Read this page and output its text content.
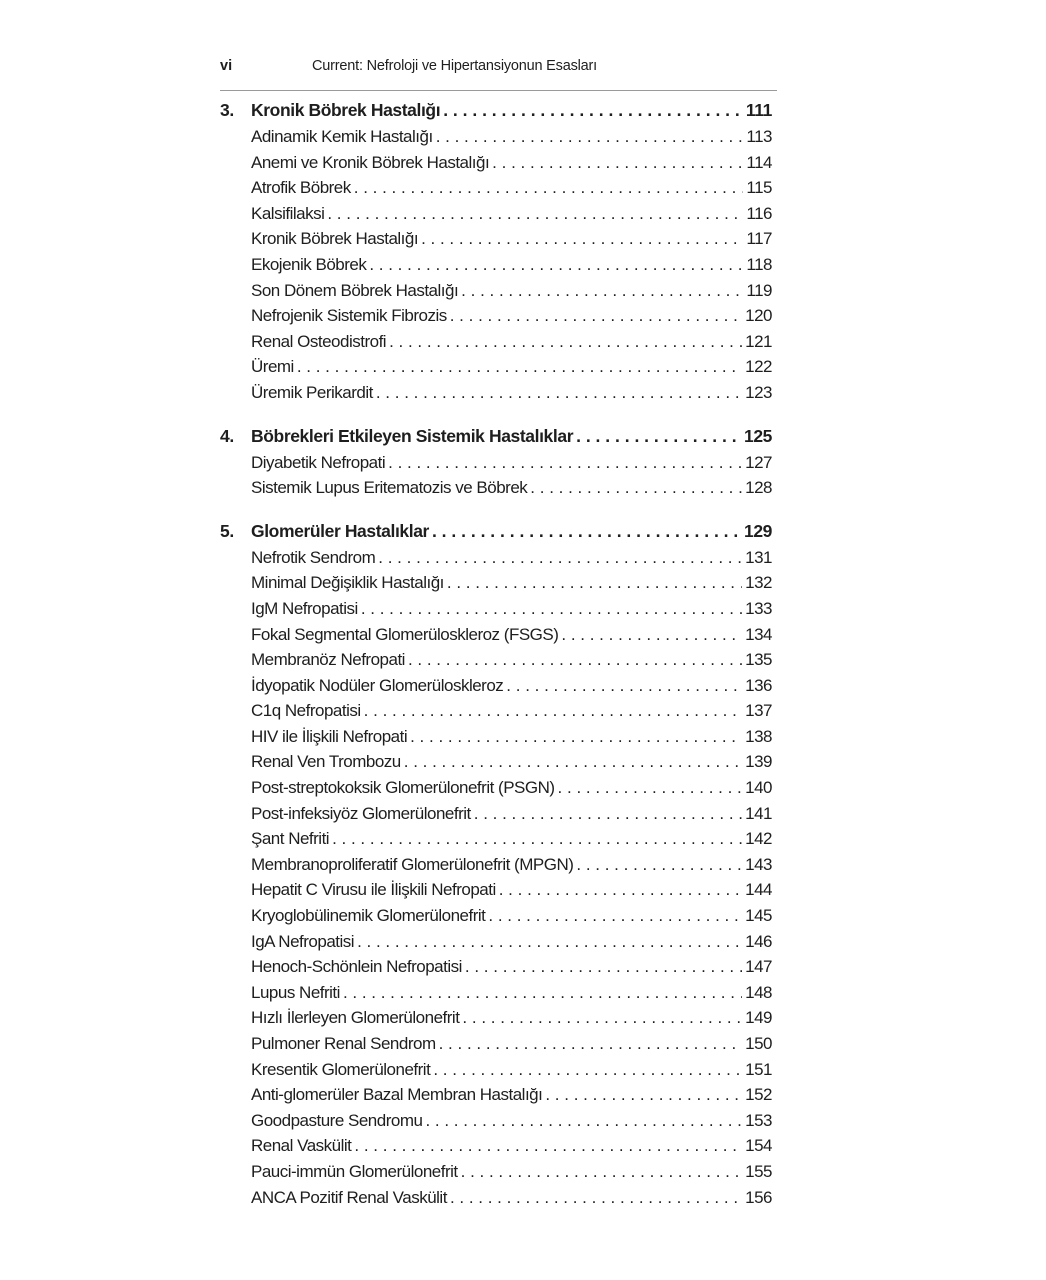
vi	Current: Nefroloji ve Hipertansiyonun Esasları
3. Kronik Böbrek Hastalığı . . .	111
Adinamik Kemik Hastalığı . . .	113
Anemi ve Kronik Böbrek Hastalığı . . .	114
Atrofik Böbrek . . .	115
Kalsifilaksi . . .	116
Kronik Böbrek Hastalığı . . .	117
Ekojenik Böbrek . . .	118
Son Dönem Böbrek Hastalığı . . .	119
Nefrojenik Sistemik Fibrozis . . .	120
Renal Osteodistrofi . . .	121
Üremi . . .	122
Üremik Perikardit . . .	123
4. Böbrekleri Etkileyen Sistemik Hastalıklar . . .	125
Diyabetik Nefropati . . .	127
Sistemik Lupus Eritematozis ve Böbrek . . .	128
5. Glomerüler Hastalıklar . . .	129
Nefrotik Sendrom . . .	131
Minimal Değişiklik Hastalığı . . .	132
IgM Nefropatisi . . .	133
Fokal Segmental Glomerüloskleroz (FSGS) . . .	134
Membranöz Nefropati . . .	135
İdyopatik Nodüler Glomerüloskleroz . . .	136
C1q Nefropatisi . . .	137
HIV ile İlişkili Nefropati . . .	138
Renal Ven Trombozu . . .	139
Post-streptokoksik Glomerülonefrit (PSGN) . . .	140
Post-infeksiyöz Glomerülonefrit . . .	141
Şant Nefriti . . .	142
Membranoproliferatif Glomerülonefrit (MPGN) . . .	143
Hepatit C Virusu ile İlişkili Nefropati . . .	144
Kryoglobülinemik Glomerülonefrit . . .	145
IgA Nefropatisi . . .	146
Henoch-Schönlein Nefropatisi . . .	147
Lupus Nefriti . . .	148
Hızlı İlerleyen Glomerülonefrit . . .	149
Pulmoner Renal Sendrom . . .	150
Kresentik Glomerülonefrit . . .	151
Anti-glomerüler Bazal Membran Hastalığı . . .	152
Goodpasture Sendromu . . .	153
Renal Vaskülit . . .	154
Pauci-immün Glomerülonefrit . . .	155
ANCA Pozitif Renal Vaskülit . . .	156
